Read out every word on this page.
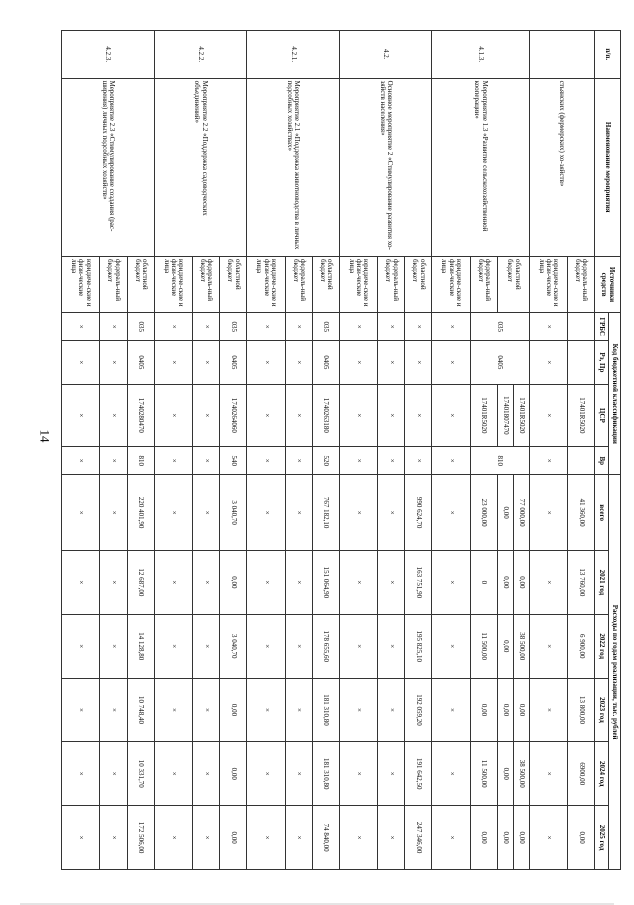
14
п/п.	Наименование мероприятия	Источники средств	Код бюджетной классификации				Расходы по годам реализации, тыс. рублей					
			ГРБС	Рз, Пр	ЦСР	Вр	всего	2021 год	2022 год	2023 год	2024 год	2025 год
	стьянских (фермерских) хо-зяйств»	федераль-ный бюджет			17401R5020		41 360,00	13 760,00	6 900,00	13 800,00	6900,00	0,00
		юридиче-ские и физи-ческие лица	×	×	×	×	×	×	×	×	×	×
4.1.3.	Мероприятие 1.3 «Развитие сельскохозяйственной кооперации»	областной бюджет	035	0405	17401R5020	810	77 000,00	0,00	38 500,00	0,00	38 500,00	0,00
					17401807470		0,00	0,00	0,00	0,00	0,00	0,00
		федераль-ный бюджет			17401R5020		23 000,00	0	11 500,00	0,00	11 500,00	0,00
		юридиче-ские и физи-ческие лица	×	×	×	×	×	×	×	×	×	×
4.2.	Основное мероприятие 2 «Стимулирование развития хо-зяйств населения»	областной бюджет	×	×	×	×	990 624,70	163 751,90	195 825,10	192 059,20	191 642,50	247 346,00
		федераль-ный бюджет	×	×	×	×	×	×	×	×	×	×
		юридиче-ские и физи-ческие лица	×	×	×	×	×	×	×	×	×	×
4.2.1.	Мероприятие 2.1 «Поддержка животноводства в личных подсобных хозяйствах»	областной бюджет	035	0405	1740263180	520	767 182,10	151 064,90	178 655,60	181 310,80	181 310,80	74 840,00
		федераль-ный бюджет	×	×	×	×	×	×	×	×	×	×
		юридиче-ские и физи-ческие лица	×	×	×	×	×	×	×	×	×	×
4.2.2.	Мероприятие 2.2 «Поддержка садоводческих объединений»	областной бюджет	035	0405	1740264060	540	3 040,70	0,00	3 040,70	0,00	0,00	0,00
		федераль-ный бюджет	×	×	×	×	×	×	×	×	×	×
		юридиче-ские и физи-ческие лица	×	×	×	×	×	×	×	×	×	×
4.2.3.	Мероприятие 2.3 «Стимулирование создания (рас-ширения) личных подсобных хозяйств»	областной бюджет	035	0405	1740280470	810	220 401,90	12 687,00	14 128,80	10 748,40	10 331,70	172 506,00
		федераль-ный бюджет	×	×	×	×	×	×	×	×	×	×
		юридиче-ские и физи-ческие лица	×	×	×	×	×	×	×	×	×	×
